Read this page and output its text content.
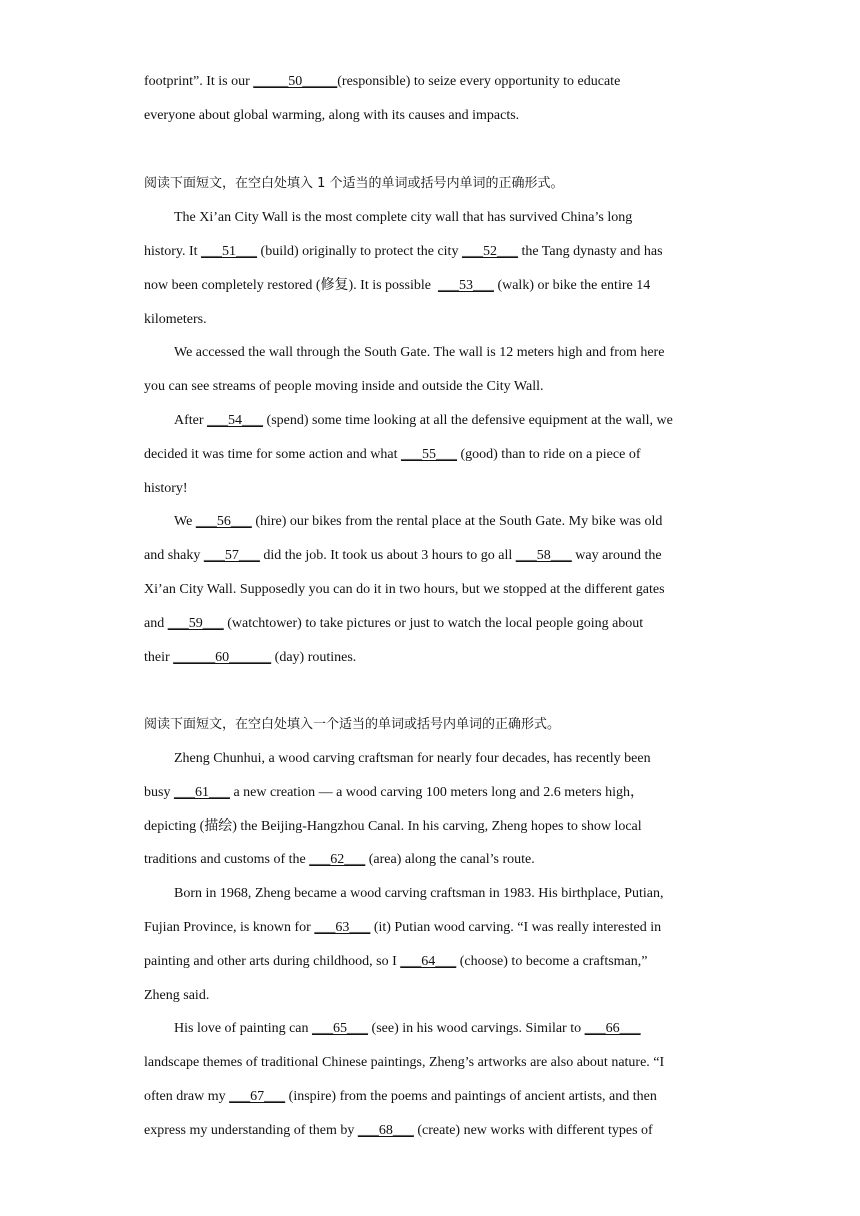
footprint”. It is our _____50_____(responsible) to seize every opportunity to educate
everyone about global warming, along with its causes and impacts.
阅读下面短文，在空白处填入 1 个适当的单词或括号内单词的正确形式。
The Xi’an City Wall is the most complete city wall that has survived China’s long
history. It ___51___ (build) originally to protect the city ___52___ the Tang dynasty and has
now been completely restored (修复). It is possible  ___53___ (walk) or bike the entire 14
kilometers.
We accessed the wall through the South Gate. The wall is 12 meters high and from here
you can see streams of people moving inside and outside the City Wall.
After ___54___ (spend) some time looking at all the defensive equipment at the wall, we
decided it was time for some action and what ___55___ (good) than to ride on a piece of
history!
We ___56___ (hire) our bikes from the rental place at the South Gate. My bike was old
and shaky ___57___ did the job. It took us about 3 hours to go all ___58___ way around the
Xi’an City Wall. Supposedly you can do it in two hours, but we stopped at the different gates
and ___59___ (watchtower) to take pictures or just to watch the local people going about
their ______60______ (day) routines.
阅读下面短文，在空白处填入一个适当的单词或括号内单词的正确形式。
Zheng Chunhui, a wood carving craftsman for nearly four decades, has recently been
busy ___61___ a new creation — a wood carving 100 meters long and 2.6 meters high，
depicting (描绘) the Beijing-Hangzhou Canal. In his carving, Zheng hopes to show local
traditions and customs of the ___62___ (area) along the canal’s route.
Born in 1968, Zheng became a wood carving craftsman in 1983. His birthplace, Putian,
Fujian Province, is known for ___63___ (it) Putian wood carving. “I was really interested in
painting and other arts during childhood, so I ___64___ (choose) to become a craftsman,”
Zheng said.
His love of painting can ___65___ (see) in his wood carvings. Similar to ___66___
landscape themes of traditional Chinese paintings, Zheng’s artworks are also about nature. “I
often draw my ___67___ (inspire) from the poems and paintings of ancient artists, and then
express my understanding of them by ___68___ (create) new works with different types of
